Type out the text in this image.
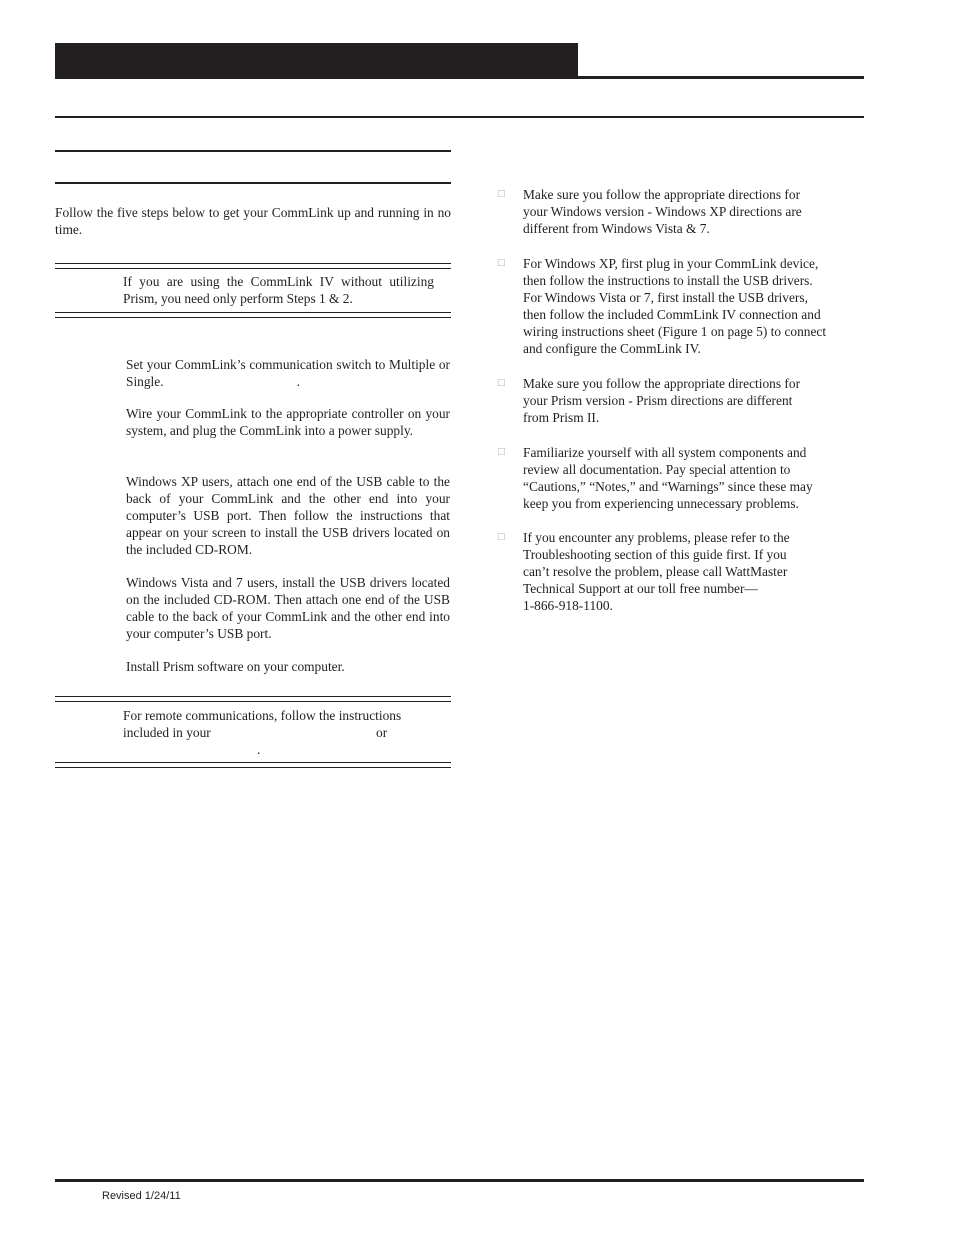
Follow the five steps below to get your CommLink up and running in no time.

If you are using the CommLink IV without utilizing Prism, you need only perform Steps 1 & 2.

Set your CommLink’s communication switch to Multiple or Single.	.

Wire your CommLink to the appropriate controller on your system, and plug the CommLink into a power supply.

Windows XP users, attach one end of the USB cable to the back of your CommLink and the other end into your computer’s USB port. Then follow the instructions that appear on your screen to install the USB drivers located on the included CD-ROM.

Windows Vista and 7 users, install the USB drivers located on the included CD-ROM. Then attach one end of the USB cable to the back of your CommLink and the other end into your computer’s USB port.

Install Prism software on your computer.

For remote communications, follow the instructions

included in your	or

.

□ Make sure you follow the appropriate directions for

your Windows version - Windows XP directions are

different from Windows Vista & 7.

□ For Windows XP, first plug in your CommLink device,

then follow the instructions to install the USB drivers.

For Windows Vista or 7, first install the USB drivers,

then follow the included CommLink IV connection and

wiring instructions sheet (Figure 1 on page 5) to connect

and configure the CommLink IV.

□ Make sure you follow the appropriate directions for

your Prism version - Prism directions are different

from Prism II.

□ Familiarize yourself with all system components and

review all documentation. Pay special attention to

“Cautions,” “Notes,” and “Warnings” since these may

keep you from experiencing unnecessary problems.

□ If you encounter any problems, please refer to the

Troubleshooting section of this guide first. If you

can’t resolve the problem, please call WattMaster

Technical Support at our toll free number—

1-866-918-1100.

Revised 1/24/11
